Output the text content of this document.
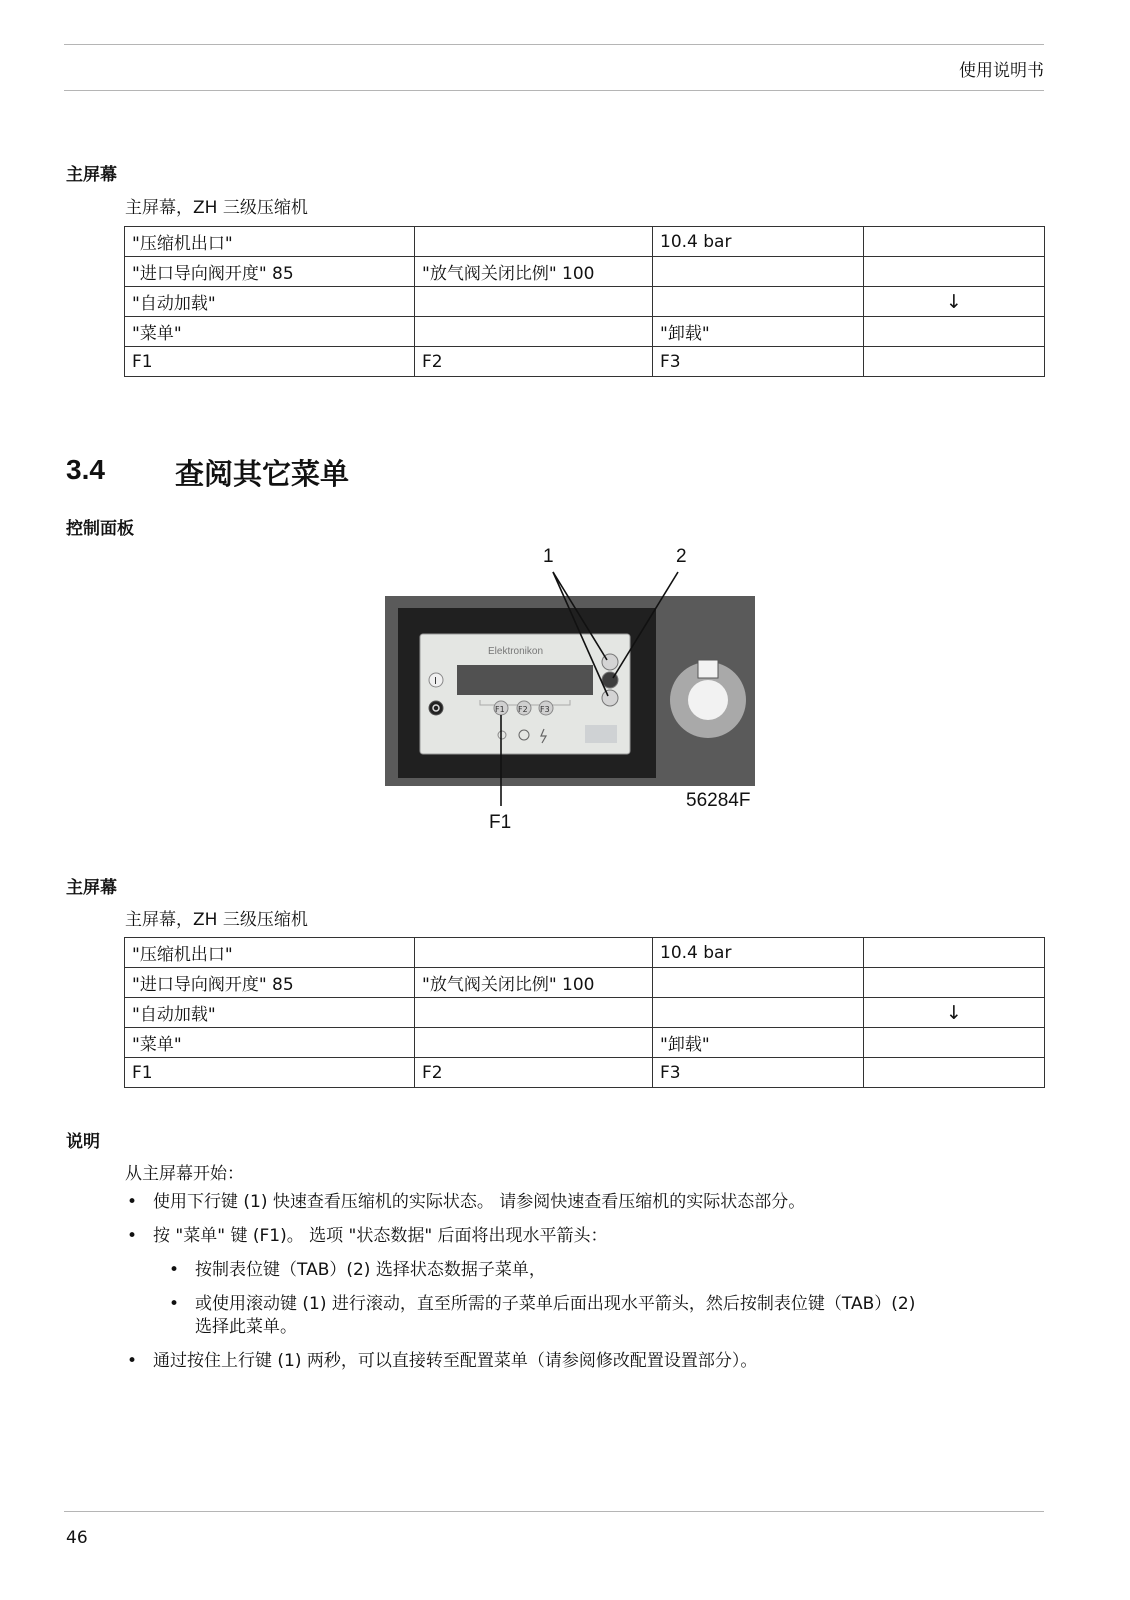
使用说明书
主屏幕
主屏幕，ZH 三级压缩机
"压缩机出口"		10.4 bar	
"进口导向阀开度" 85	"放气阀关闭比例" 100		
"自动加载"			↓
"菜单"		"卸载"	
F1	F2	F3	
3.4 查阅其它菜单
控制面板
Elektronikon
I
F1 F2 F3
1	2
56284F
F1
主屏幕
主屏幕，ZH 三级压缩机
"压缩机出口"		10.4 bar	
"进口导向阀开度" 85	"放气阀关闭比例" 100		
"自动加载"			↓
"菜单"		"卸载"	
F1	F2	F3	
说明
从主屏幕开始：
• 使用下行键 (1) 快速查看压缩机的实际状态。 请参阅快速查看压缩机的实际状态部分。
• 按 "菜单" 键 (F1)。 选项 "状态数据" 后面将出现水平箭头：
• 按制表位键（TAB）(2) 选择状态数据子菜单，
• 或使用滚动键 (1) 进行滚动，直至所需的子菜单后面出现水平箭头，然后按制表位键（TAB）(2)
选择此菜单。
• 通过按住上行键 (1) 两秒，可以直接转至配置菜单（请参阅修改配置设置部分）。
46
